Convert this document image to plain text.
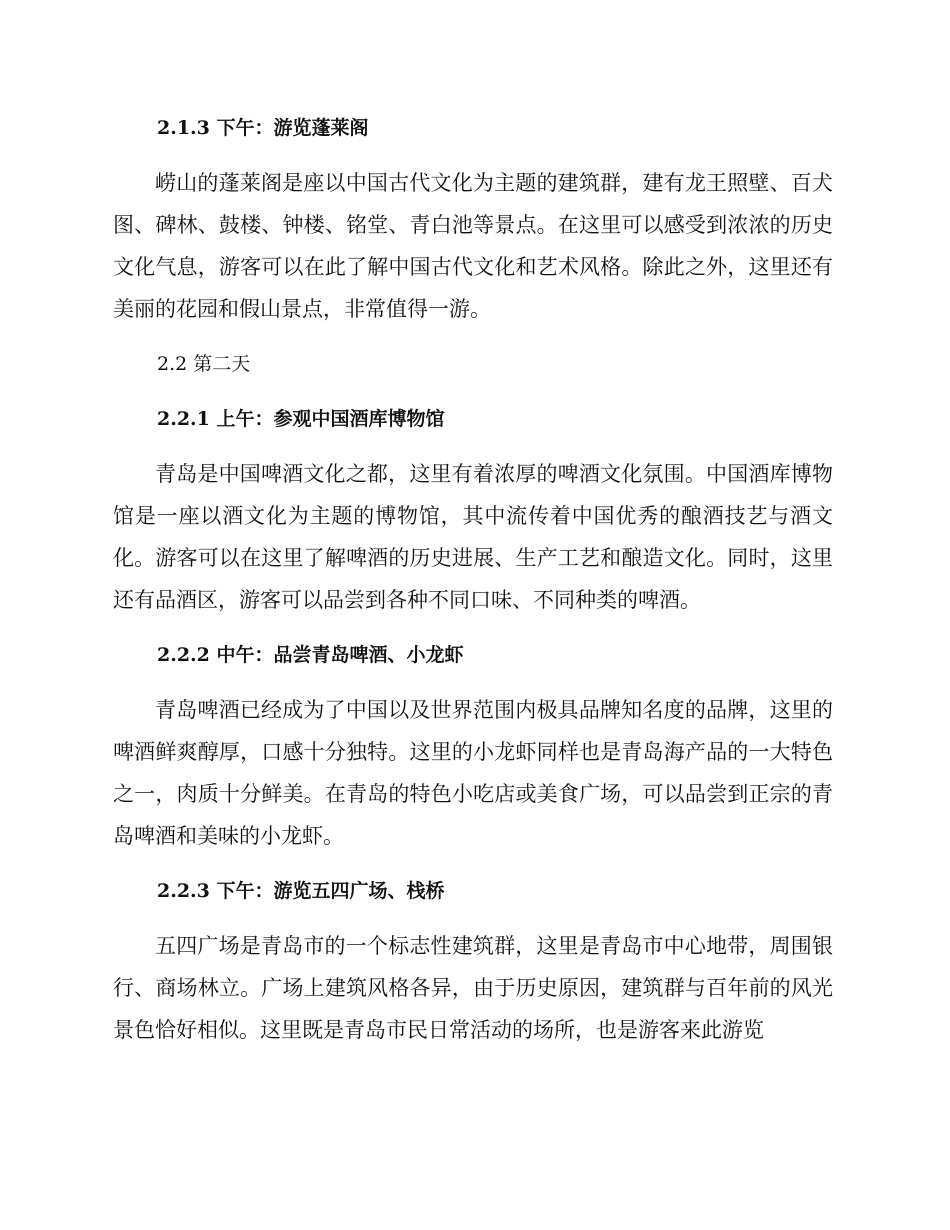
2.1.3 下午：游览蓬莱阁

崂山的蓬莱阁是座以中国古代文化为主题的建筑群，建有龙王照壁、百犬图、碑林、鼓楼、钟楼、铭堂、青白池等景点。在这里可以感受到浓浓的历史文化气息，游客可以在此了解中国古代文化和艺术风格。除此之外，这里还有美丽的花园和假山景点，非常值得一游。

2.2 第二天
2.2.1 上午：参观中国酒库博物馆

青岛是中国啤酒文化之都，这里有着浓厚的啤酒文化氛围。中国酒库博物馆是一座以酒文化为主题的博物馆，其中流传着中国优秀的酿酒技艺与酒文化。游客可以在这里了解啤酒的历史进展、生产工艺和酿造文化。同时，这里还有品酒区，游客可以品尝到各种不同口味、不同种类的啤酒。

2.2.2 中午：品尝青岛啤酒、小龙虾

青岛啤酒已经成为了中国以及世界范围内极具品牌知名度的品牌，这里的啤酒鲜爽醇厚，口感十分独特。这里的小龙虾同样也是青岛海产品的一大特色之一，肉质十分鲜美。在青岛的特色小吃店或美食广场，可以品尝到正宗的青岛啤酒和美味的小龙虾。

2.2.3 下午：游览五四广场、栈桥

五四广场是青岛市的一个标志性建筑群，这里是青岛市中心地带，周围银行、商场林立。广场上建筑风格各异，由于历史原因，建筑群与百年前的风光景色恰好相似。这里既是青岛市民日常活动的场所，也是游客来此游览
